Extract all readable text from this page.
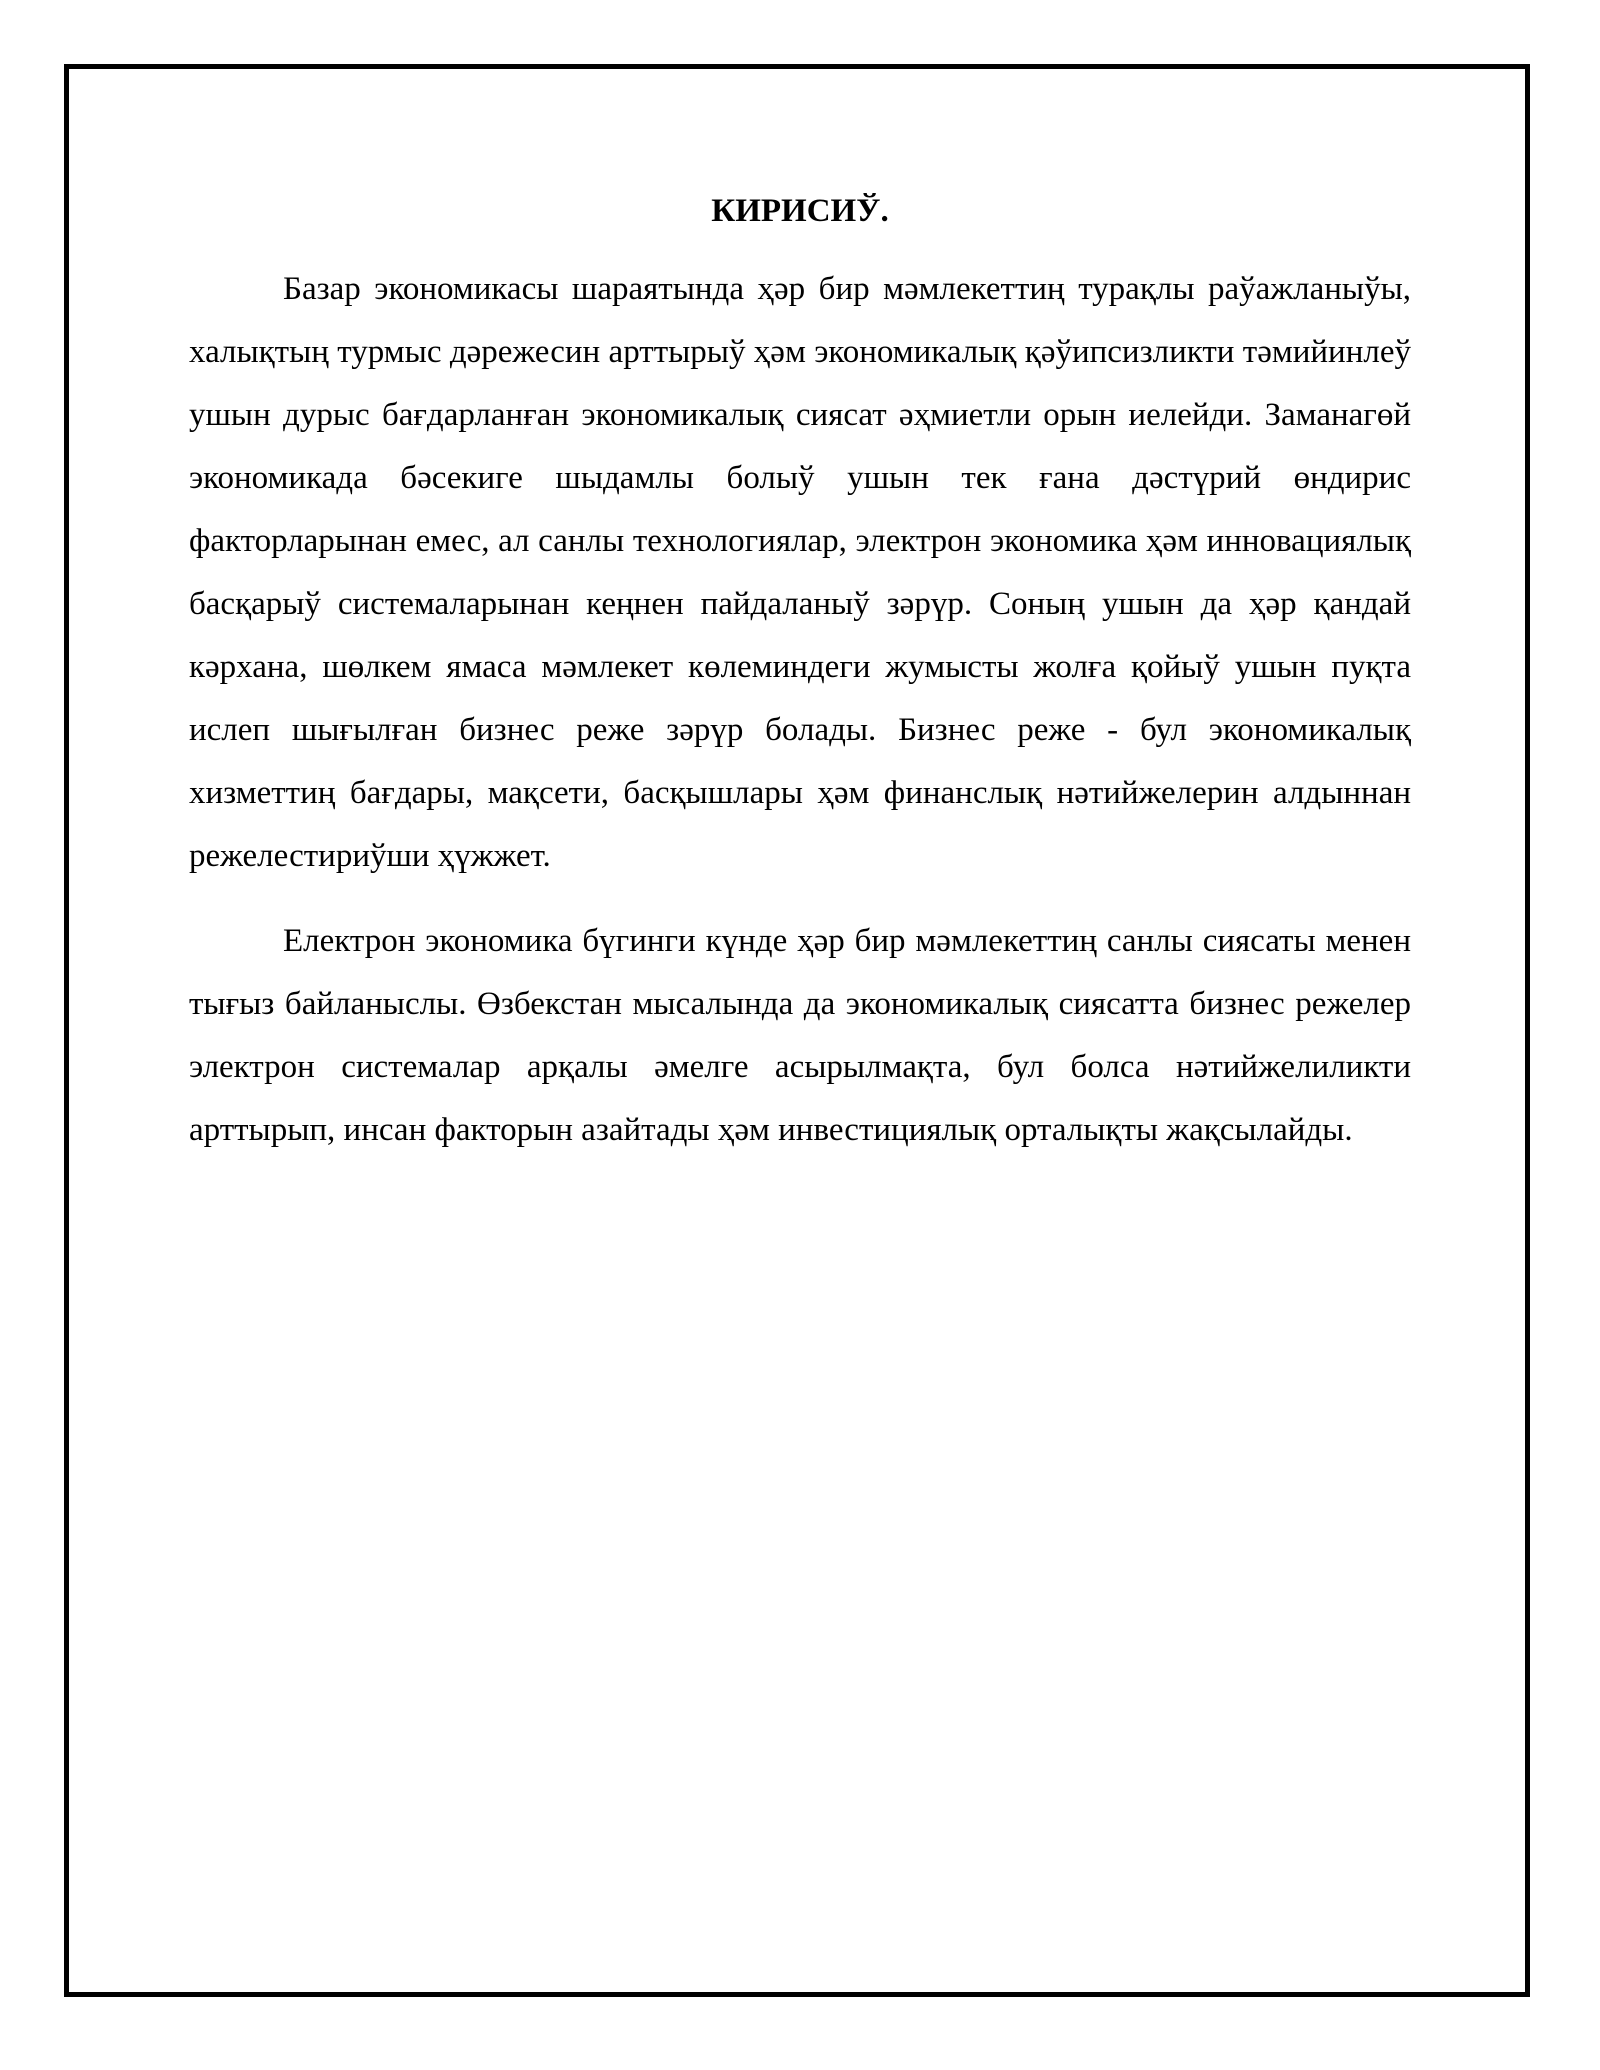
КИРИСИЎ.

Базар экономикасы шараятында ҳәр бир мәмлекеттиң турақлы раўажланыўы, халықтың турмыс дәрежесин арттырыў ҳәм экономикалық қәўипсизликти тәмийинлеў ушын дурыс бағдарланған экономикалық сиясат әҳмиетли орын иелейди. Заманагөй экономикада бәсекиге шыдамлы болыў ушын тек ғана дәстүрий өндирис факторларынан емес, ал санлы технологиялар, электрон экономика ҳәм инновациялық басқарыў системаларынан кеңнен пайдаланыў зәрүр. Соның ушын да ҳәр қандай кәрхана, шөлкем ямаса мәмлекет көлеминдеги жумысты жолға қойыў ушын пуқта ислеп шығылған бизнес реже зәрүр болады. Бизнес реже - бул экономикалық хизметтиң бағдары, мақсети, басқышлары ҳәм финанслық нәтийжелерин алдыннан режелестириўши ҳүжжет.

Електрон экономика бүгинги күнде ҳәр бир мәмлекеттиң санлы сиясаты менен тығыз байланыслы. Өзбекстан мысалында да экономикалық сиясатта бизнес режелер электрон системалар арқалы әмелге асырылмақта, бул болса нәтийжелиликти арттырып, инсан факторын азайтады ҳәм инвестициялық орталықты жақсылайды.
